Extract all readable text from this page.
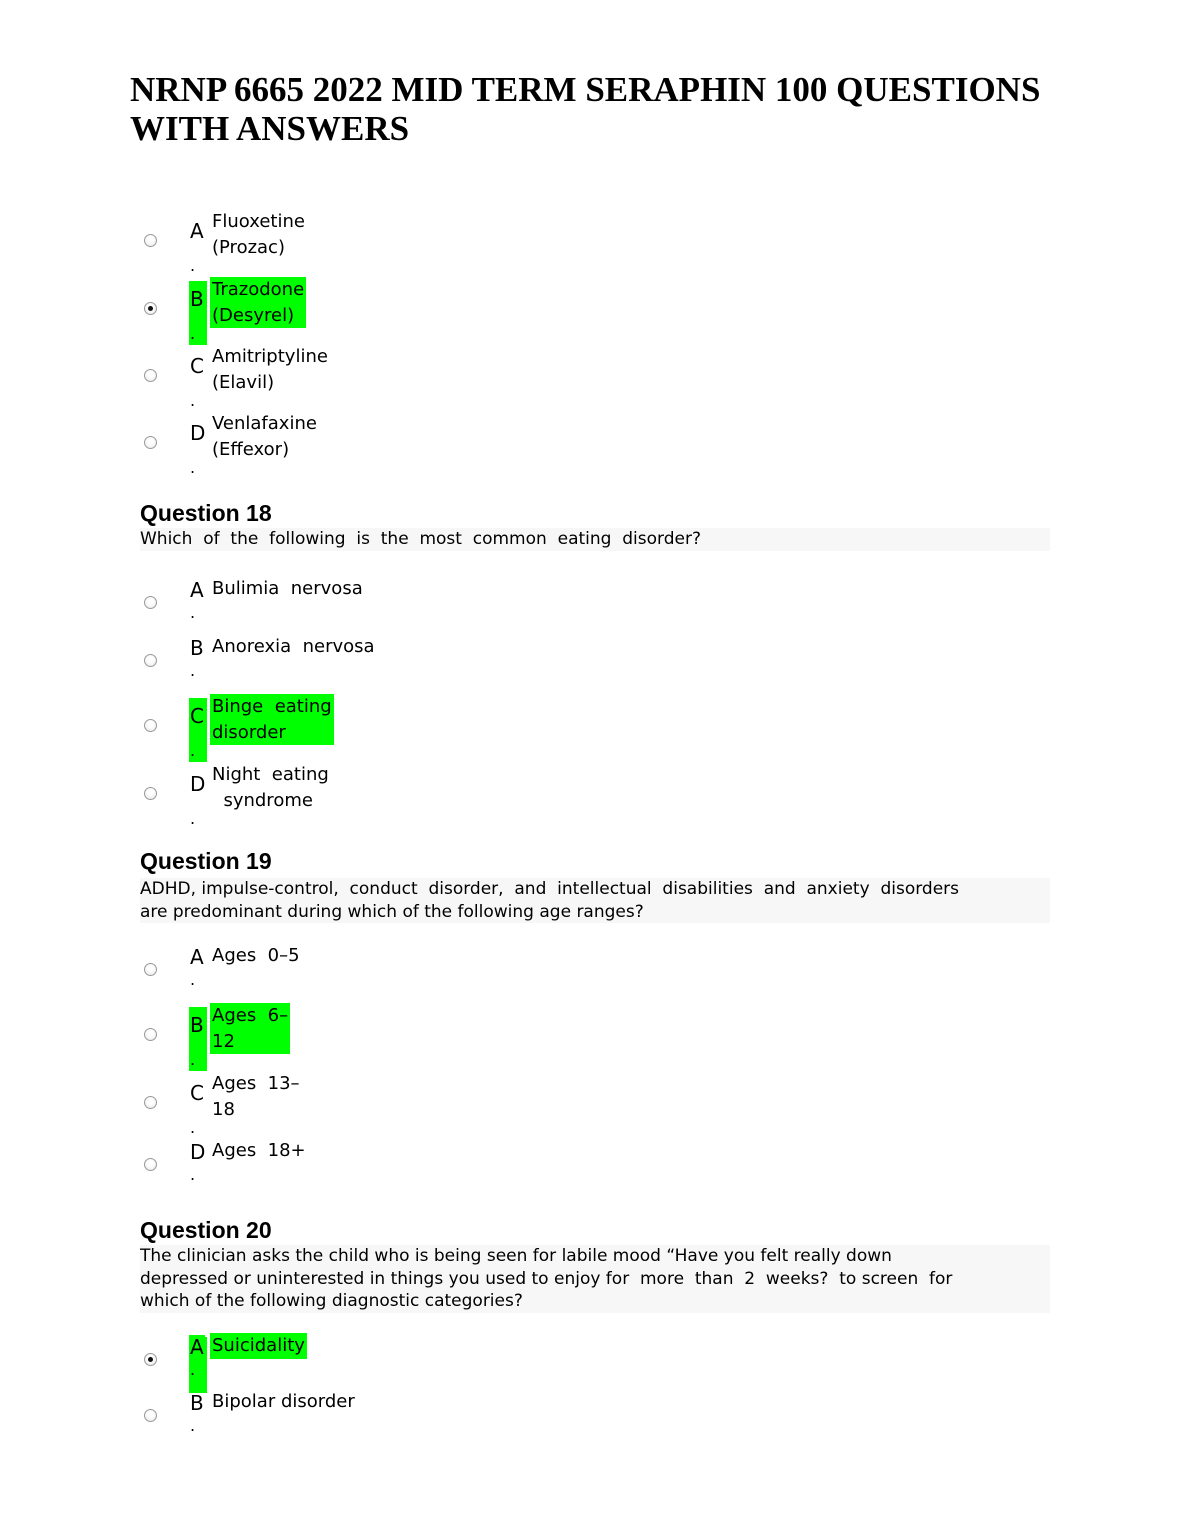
NRNP 6665 2022 MID TERM SERAPHIN 100 QUESTIONS WITH ANSWERS
A
.
Fluoxetine
(Prozac)
B
.
Trazodone
(Desyrel)
C
.
Amitriptyline
(Elavil)
D
.
Venlafaxine
(Effexor)
Question 18
Which  of  the  following  is  the  most  common  eating  disorder?
A
.
Bulimia  nervosa
B
.
Anorexia  nervosa
C
.
Binge  eating
disorder
D
.
Night  eating
syndrome
Question 19
ADHD, impulse-control,  conduct  disorder,  and  intellectual  disabilities  and  anxiety  disorders
are predominant during which of the following age ranges?
A
.
Ages  0–5
B
.
Ages  6–
12
C
.
Ages  13–
18
D
.
Ages  18+
Question 20
The clinician asks the child who is being seen for labile mood “Have you felt really down
depressed or uninterested in things you used to enjoy for  more  than  2  weeks?  to screen  for
which of the following diagnostic categories?
A
.
Suicidality
B
.
Bipolar disorder
